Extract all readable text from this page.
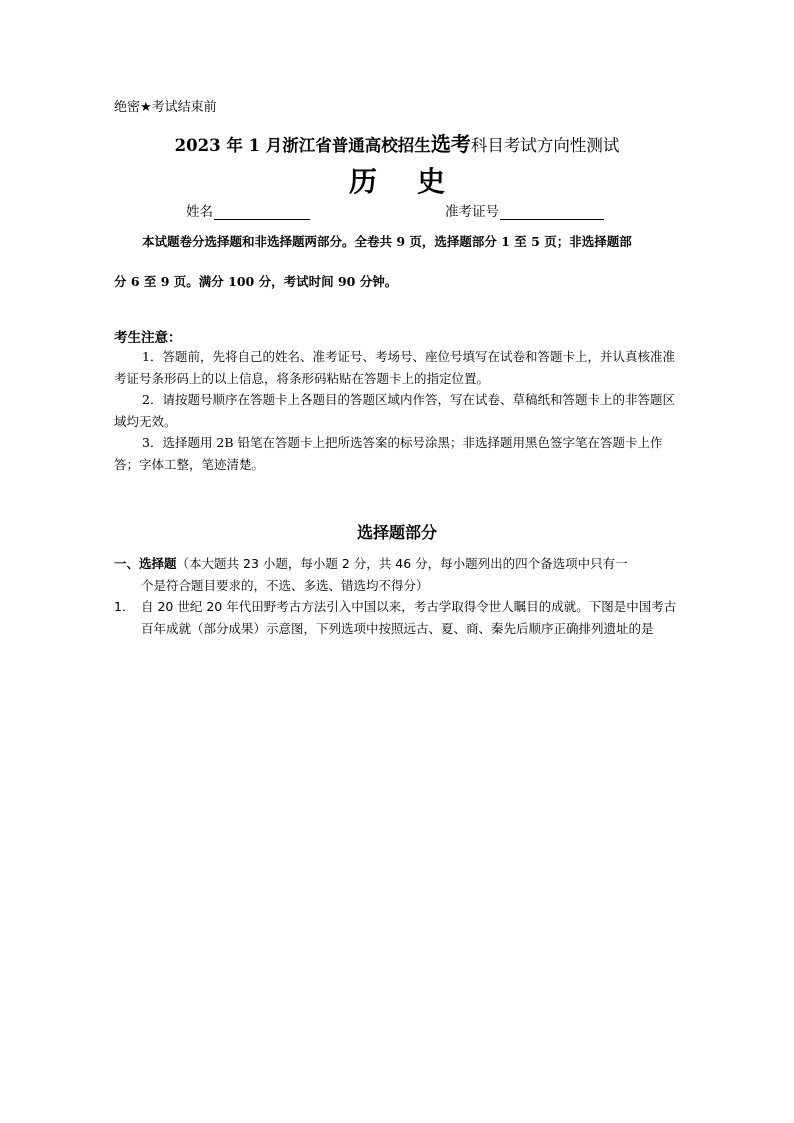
绝密★考试结束前
2023 年 1 月浙江省普通高校招生选考科目考试方向性测试
历史
姓名	准考证号
本试题卷分选择题和非选择题两部分。全卷共 9 页，选择题部分 1 至 5 页；非选择题部
分 6 至 9 页。满分 100 分，考试时间 90 分钟。
考生注意：

1．答题前，先将自己的姓名、准考证号、考场号、座位号填写在试卷和答题卡上，并认真核准准考证号条形码上的以上信息，将条形码粘贴在答题卡上的指定位置。

2．请按题号顺序在答题卡上各题目的答题区域内作答，写在试卷、草稿纸和答题卡上的非答题区域均无效。

3．选择题用 2B 铅笔在答题卡上把所选答案的标号涂黑；非选择题用黑色签字笔在答题卡上作答；字体工整，笔迹清楚。

选择题部分
一、选择题（本大题共 23 小题，每小题 2 分，共 46 分，每小题列出的四个备选项中只有一
个是符合题目要求的，不选、多选、错选均不得分）
1.	自 20 世纪 20 年代田野考古方法引入中国以来，考古学取得令世人瞩目的成就。下图是中国考古百年成就（部分成果）示意图，下列选项中按照远古、夏、商、秦先后顺序正确排列遗址的是
